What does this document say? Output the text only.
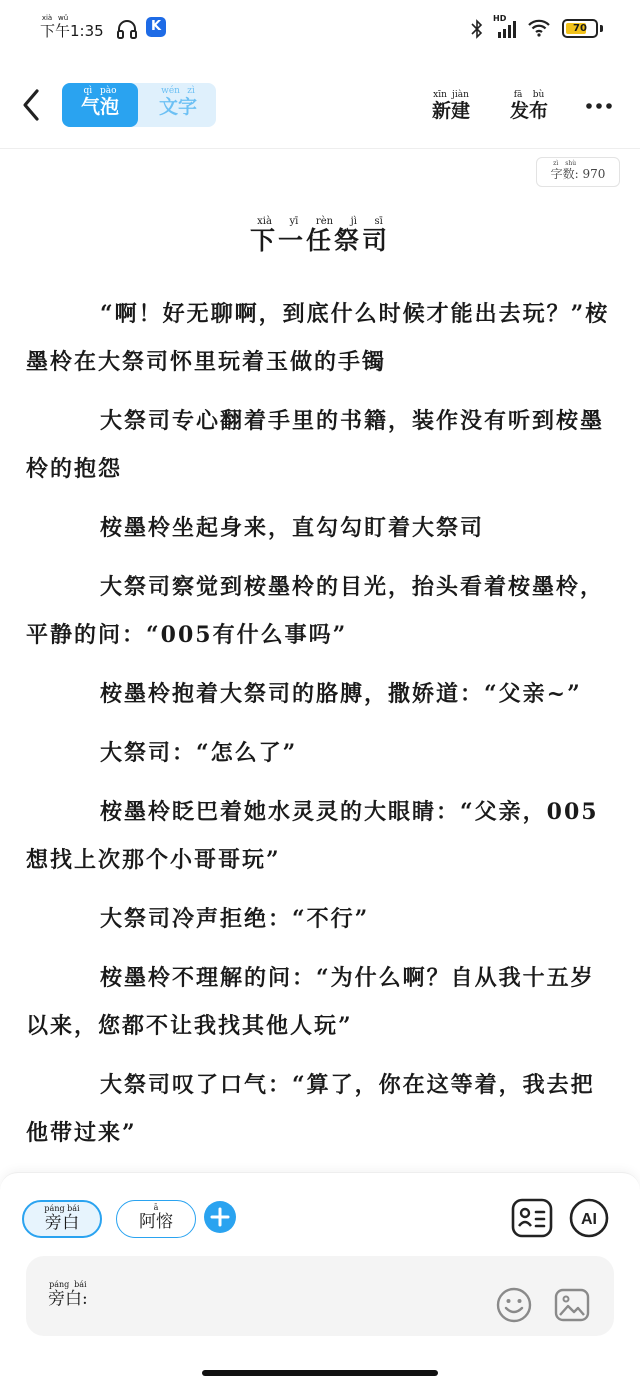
下午xià wǔ1:35	K
HD
70
气泡qì pào
文字wén zì
新建xīn jiàn
发布fā bù
字数:zì shù 970
下一任祭司xià yī rèn jì sī

“啊！好无聊啊，到底什么时候才能出去玩？”桉墨柃在大祭司怀里玩着玉做的手镯

大祭司专心翻着手里的书籍，装作没有听到桉墨柃的抱怨

桉墨柃坐起身来，直勾勾盯着大祭司

大祭司察觉到桉墨柃的目光，抬头看着桉墨柃，平静的问：“005有什么事吗”

桉墨柃抱着大祭司的胳膊，撒娇道：“父亲~”

大祭司：“怎么了”

桉墨柃眨巴着她水灵灵的大眼睛：“父亲，005想找上次那个小哥哥玩”

大祭司冷声拒绝：“不行”

桉墨柃不理解的问：“为什么啊？自从我十五岁以来，您都不让我找其他人玩”

大祭司叹了口气：“算了，你在这等着，我去把他带过来”

旁白páng bái
阿愹ā
AI
旁白:páng bái
